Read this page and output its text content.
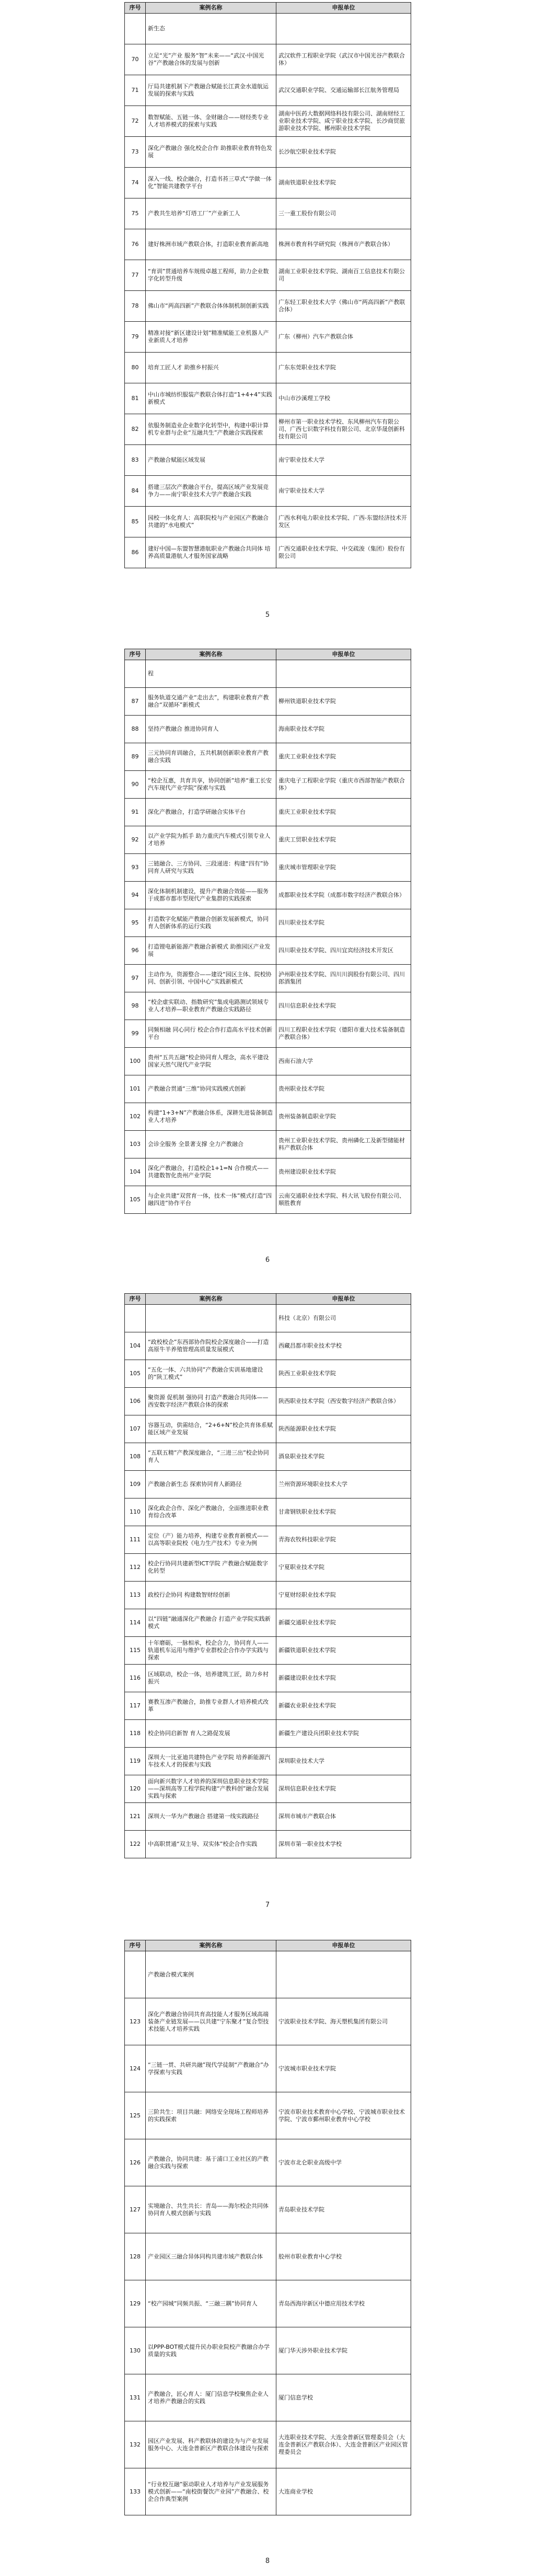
序号	案例名称	申报单位
	新生态	
70	立足“光”产业 服务“智”未来——“武汉·中国光谷”产教融合体的发展与创新	武汉软件工程职业学院（武汉市中国光谷产教联合体）
71	厅局共建机制下产教融合赋能长江黄金水道航运发展的探索与实践	武汉交通职业学院、交通运输部长江航务管理局
72	数智赋能、五链一体、金财融合——财经类专业人才培养模式的探索与实践	湖南中医药大数据网络科技有限公司、湖南财经工业职业技术学院、咸宁职业技术学院、长沙商贸旅游职业技术学院、郴州职业技术学院
73	深化产教融合 强化校企合作 助推职业教育特色发展	长沙航空职业技术学院
74	深入一线、校企融合，打造书苔三草式“学做一体化”智能共建教学平台	湖南铁道职业技术学院
75	产教共生培养“灯塔工厂”产业新工人	三一重工股份有限公司
76	建好株洲市域产教联合体，打造职业教育新高地	株洲市教育科学研究院（株洲市产教联合体）
77	“育训”贯通培养车规级卓越工程师，助力企业数字化转型升级	湖南工业职业技术学院、湖南百工信息技术有限公司
78	佛山市“两高四新”产教联合体体制机制创新实践	广东轻工职业技术大学（佛山市“两高四新”产教联合体）
79	精准对接“新区建设计划”精准赋能工业机器人产业新质人才培养	广东（柳州）汽车产教联合体
80	培育工匠人才 助推乡村振兴	广东东莞职业技术学院
81	中山市城纺织服装产教联合体打造“1+4+4”实践新模式	中山市沙溪理工学校
82	依服务制造业企业数字化转型中，构建中职计算机专业群与企业“互融共生”产教融合实践探索	柳州市第一职业技术学校、东风柳州汽车有限公司、广西七识数字科技有限公司、北京华晟创新科技有限公司
83	产教融合赋能区域发展	南宁职业技术大学
84	搭建三层次产教融合平台，提高区域产业发展竞争力——南宁职业技术大学产教融合实践	南宁职业技术大学
85	园校一体化育人：高职院校与产业园区产教融合共建的“水电模式”	广西水利电力职业技术学院、广西-东盟经济技术开发区
86	建好中国—东盟智慧港航职业产教融合共同体 培养高质量港航人才服务国家战略	广西交通职业技术学院、中交疏浚（集团）股份有限公司
5
序号	案例名称	申报单位
	程	
87	服务轨道交通产业“走出去”，构建职业教育产教融合“双循环”新模式	柳州铁道职业技术学院
88	坚持产教融合 推进协同育人	海南职业技术学院
89	三元协同育训融合，五共机制创新职业教育产教融合实践	重庆工业职业技术学院
90	“校企互惠，共育共享，协同创新”培养“重工长安汽车现代产业学院”探索与实践	重庆电子工程职业学院（重庆市西部智能产教联合体）
91	深化产教融合，打造学研融合实体平台	重庆工业职业技术学院
92	以产业学院为抓手 助力重庆汽车模式引领专业人才培养	重庆工贸职业技术学院
93	三链融合、三方协同、三段递进：构建“四有”协同育人研究与实践	重庆城市管理职业学院
94	深化体制机制建设，提升产教融合效能——服务于成都市都市型现代产业集群的实践探索	成都职业技术学院（成都市数字经济产教联合体）
95	打造数字化赋能产教融合创新发展新模式，协同育人创新体系的运行实践	四川职业技术学院
96	打造锂电新能源产教融合新模式 助推园区产业发展	四川职业技术学院、四川宜宾经济技术开发区
97	主动作为，资源整合——建设“园区主体、院校协同、创新引领、中国中心”实践新模式	泸州职业技术学院、四川川润股份有限公司、四川郎酒集团
98	“校企虚实联动、指数研究”集成电路测试领域专业人才培养—职业教育产教融合实践路径	四川信息职业技术学院
99	同频相融 同心同行 校企合作打造高水平技术创新平台	四川工程职业技术学院（德阳市重大技术装备制造产教联合体）
100	贵州“五共五融”校企协同育人理念，高水平建设国家天然气现代产业学院	西南石油大学
101	产教融合贯通“三维”协同实践模式创新	贵州职业技术学院
102	构建“1+3+N”产教融合体系，深耕先进装备制造业人才培养	贵州装备制造职业学院
103	会诊全服务 全景著支撑 全力产教融合	贵州工业职业技术学院、贵州磷化工及新型储能材料产教联合体
104	深化产教融合，打造校企1+1=N 合作模式——共建数智化贵州产业学院	贵州建设职业技术学院
105	与企业共建“双营育一体，技术一体”模式打造“四融四进”协作平台	云南交通职业技术学院、科大讯飞股份有限公司、顺胜教育
6
序号	案例名称	申报单位
		科技（北京）有限公司
104	“政校校企”东西部协作院校企深度融合——打造高原牛羊养殖管理高质量发展模式	西藏昌都市职业技术学校
105	“五化一体、六共协同”产教融合实训基地建设的“陕工模式”	陕西工业职业技术学院
106	聚资源 促机制 强协同 打造产教融合共同体——西安数字经济产教联合体的探索	陕西职业技术学院（西安数字经济产教联合体）
107	容器互动，供需结合，“2+6+N”校企共育体系赋能区域产业发展	陕西能源职业技术学院
108	“五联五精”产教深度融合，“三进三出”校企协同育人	酒泉职业技术学院
109	产教融合新生态 探索协同育人新路径	兰州资源环境职业技术大学
110	深化政企合作、深化产教融合，全面推进职业教育综合改革	甘肃钢铁职业技术学院
111	定位（产）能力培养，构建专业教育新模式——以高等职业院校《电力生产技术》专业为例	青海农牧科技职业学院
112	校企行协同共建新型ICT学院 产教融合赋能数字化转型	宁夏职业技术学院
113	政校行企协同 构建数智财经创新	宁夏财经职业技术学院
114	以“四链”融通深化产教融合 打造产业学院实践新模式	新疆交通职业技术学院
115	十年磨砺，一脉相承，校企合力，协同育人——轨道机车运用与维护专业群校企合作办学实践与探索	新疆铁道职业技术学院
116	区域联动，校企一体，培养建筑工匠，助力乡村振兴	新疆建设职业技术学院
117	赛教互渗产教融合，助推专业群人才培养模式改革	新疆农业职业技术学院
118	校企协同启新智 育人之路促发展	新疆生产建设兵团职业技术学院
119	深圳大一比亚迪共建特色产业学院 培养新能源汽车技术人才的探索与实践	深圳职业技术大学
120	面向新兴数字人才培养的深圳信息职业技术学院——深圳高等工程学院构建“产教科创”融合发展实践与探索	深圳信息职业技术学院
121	深圳大一华为产教融合 搭建第一线实践路径	深圳市城市产教联合体
122	中高职贯通“双主导、双实体”校企合作实践	深圳市第一职业技术学校
7
序号	案例名称	申报单位
	产教融合模式案例	
123	深化产教融合协同共育高技能人才服务区域高端装备产业链发展——以共建“宁东聚才”复合型技术技能人才培养实践	宁波职业技术学院、海天塑机集团有限公司
124	“三链一贯、共研共融”现代学徒制“产教融合”办学探索与实践	宁波城市职业技术学院
125	三阶共生：项目共融：网络安全现场工程师培养的实践探索	宁波市职业技术教育中心学校、宁波城市职业技术学院、宁波市鄞州职业教育中心学校
126	产教融合，协同共建：基于浦口工业社区的产教融合实践与探索	宁波市北仑职业高级中学
127	实境融合、共生共长：青岛——海尔校企共同体协同育人模式创新与实践	青岛职业技术学院
128	产业园区三融合异体同构共建市域产教联合体	胶州市职业教育中心学校
129	“校产园城”同频共振、“三融三耦”协同育人	青岛西海岸新区中德应用技术学校
130	以PPP-BOT模式提升民办职业院校产教融合办学质量的实践	厦门华天涉外职业技术学院
131	产教融合，匠心育人：厦门信息学校聚焦企业人才培养产教融合的实践	厦门信息学校
132	园区产业发展、科产教联体的建设为与产业发展服务中心、大连金普新区产教联合体建设与探索	大连职业技术学院、大连金普新区管理委员会（大连金普新区产教联合体）、大连金普新区产业园区管理委员会
133	“行业校互融”驱动职业人才培养与产业发展服务模式创新——“南校街餐饮产业园”产教融合、校企合作典型案例	大连商业学校
8
